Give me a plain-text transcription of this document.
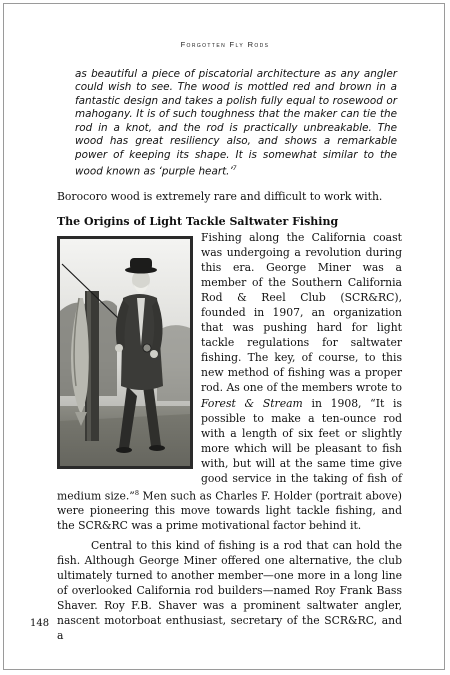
Forgotten Fly Rods

as beautiful a piece of piscatorial architecture as any angler could wish to see. The wood is mottled red and brown in a fantastic design and takes a polish fully equal to rosewood or mahogany. It is of such toughness that the maker can tie the rod in a knot, and the rod is practically unbreakable. The wood has great resiliency also, and shows a remarkable power of keeping its shape. It is somewhat similar to the wood known as ‘purple heart.’$^7$

Borocoro wood is extremely rare and difficult to work with.

The Origins of Light Tackle Saltwater Fishing

Fishing along the California coast was undergoing a revolution during this era. George Miner was a member of the Southern California Rod & Reel Club (SCR&RC), founded in 1907, an organization that was pushing hard for light tackle regulations for saltwater fishing. The key, of course, to this new method of fishing was a proper rod. As one of the members wrote to Forest & Stream in 1908, “It is possible to make a ten-ounce rod with a length of six feet or slightly more which will be pleasant to fish with, but will at the same time give good service in the taking of fish of medium size.”$^8$ Men such as Charles F. Holder (portrait above) were pioneering this move towards light tackle fishing, and the SCR&RC was a prime motivational factor behind it.

Central to this kind of fishing is a rod that can hold the fish. Although George Miner offered one alternative, the club ultimately turned to another member—one more in a long line of overlooked California rod builders—named Roy Frank Bass Shaver. Roy F.B. Shaver was a prominent saltwater angler, nascent motorboat enthusiast, secretary of the SCR&RC, and a

148
